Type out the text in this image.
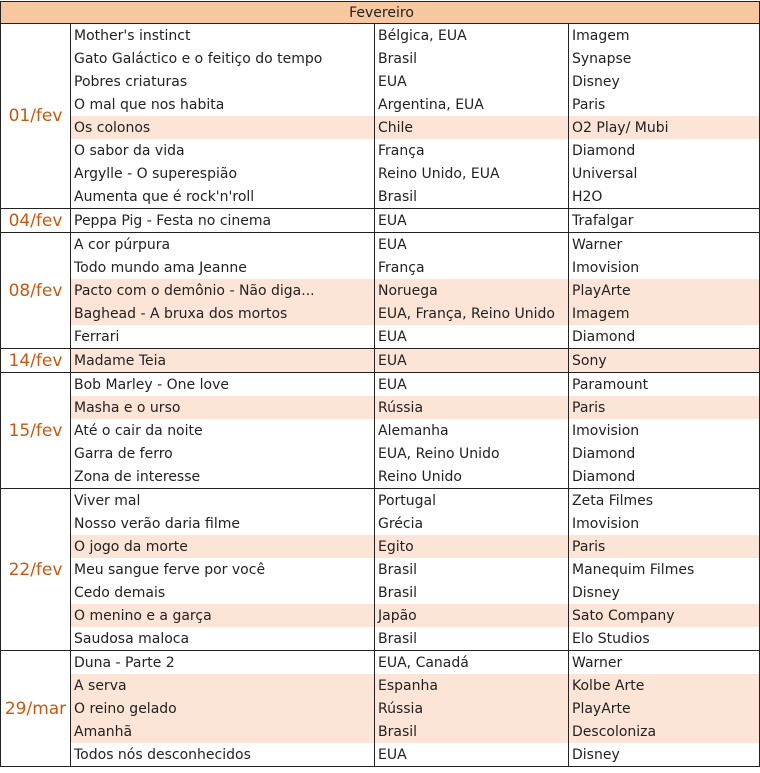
Fevereiro			
01/fev	Mother's instinct	Bélgica, EUA	Imagem
	Gato Galáctico e o feitiço do tempo	Brasil	Synapse
	Pobres criaturas	EUA	Disney
	O mal que nos habita	Argentina, EUA	Paris
	Os colonos	Chile	O2 Play/ Mubi
	O sabor da vida	França	Diamond
	Argylle - O superespião	Reino Unido, EUA	Universal
	Aumenta que é rock'n'roll	Brasil	H2O
04/fev	Peppa Pig - Festa no cinema	EUA	Trafalgar
08/fev	A cor púrpura	EUA	Warner
	Todo mundo ama Jeanne	França	Imovision
	Pacto com o demônio - Não diga...	Noruega	PlayArte
	Baghead - A bruxa dos mortos	EUA, França, Reino Unido	Imagem
	Ferrari	EUA	Diamond
14/fev	Madame Teia	EUA	Sony
15/fev	Bob Marley - One love	EUA	Paramount
	Masha e o urso	Rússia	Paris
	Até o cair da noite	Alemanha	Imovision
	Garra de ferro	EUA, Reino Unido	Diamond
	Zona de interesse	Reino Unido	Diamond
22/fev	Viver mal	Portugal	Zeta Filmes
	Nosso verão daria filme	Grécia	Imovision
	O jogo da morte	Egito	Paris
	Meu sangue ferve por você	Brasil	Manequim Filmes
	Cedo demais	Brasil	Disney
	O menino e a garça	Japão	Sato Company
	Saudosa maloca	Brasil	Elo Studios
29/mar	Duna - Parte 2	EUA, Canadá	Warner
	A serva	Espanha	Kolbe Arte
	O reino gelado	Rússia	PlayArte
	Amanhã	Brasil	Descoloniza
	Todos nós desconhecidos	EUA	Disney
